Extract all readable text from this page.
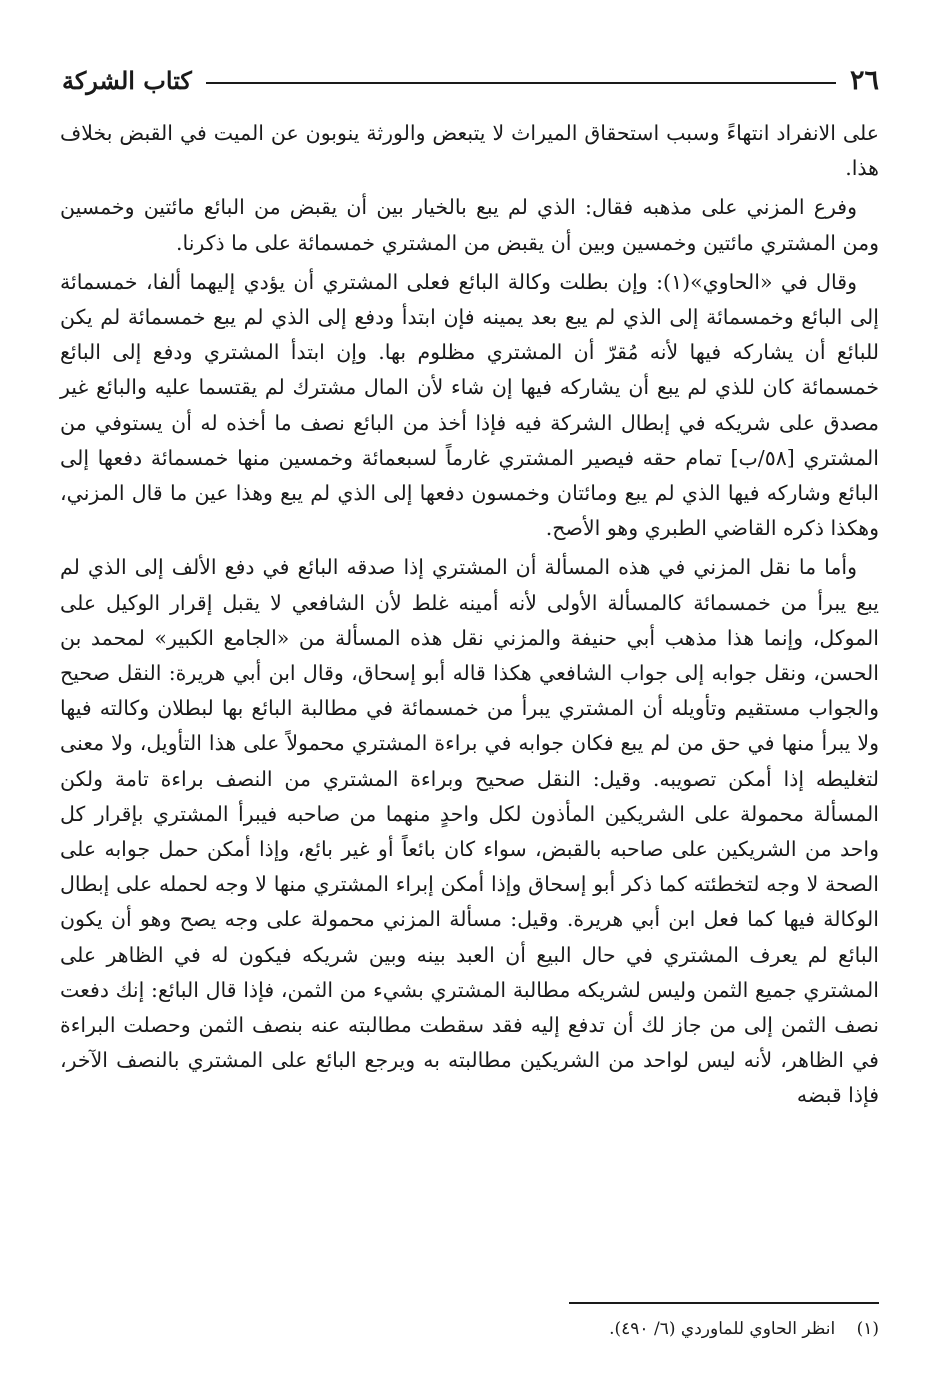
٢٦
كتاب الشركة

على الانفراد انتهاءً وسبب استحقاق الميراث لا يتبعض والورثة ينوبون عن الميت في القبض بخلاف هذا.

وفرع المزني على مذهبه فقال: الذي لم يبع بالخيار بين أن يقبض من البائع مائتين وخمسين ومن المشتري مائتين وخمسين وبين أن يقبض من المشتري خمسمائة على ما ذكرنا.

وقال في «الحاوي»(١): وإن بطلت وكالة البائع فعلى المشتري أن يؤدي إليهما ألفا، خمسمائة إلى البائع وخمسمائة إلى الذي لم يبع بعد يمينه فإن ابتدأ ودفع إلى الذي لم يبع خمسمائة لم يكن للبائع أن يشاركه فيها لأنه مُقرّ أن المشتري مظلوم بها. وإن ابتدأ المشتري ودفع إلى البائع خمسمائة كان للذي لم يبع أن يشاركه فيها إن شاء لأن المال مشترك لم يقتسما عليه والبائع غير مصدق على شريكه في إبطال الشركة فيه فإذا أخذ من البائع نصف ما أخذه له أن يستوفي من المشتري [٥٨/ب] تمام حقه فيصير المشتري غارماً لسبعمائة وخمسين منها خمسمائة دفعها إلى البائع وشاركه فيها الذي لم يبع ومائتان وخمسون دفعها إلى الذي لم يبع وهذا عين ما قال المزني، وهكذا ذكره القاضي الطبري وهو الأصح.

وأما ما نقل المزني في هذه المسألة أن المشتري إذا صدقه البائع في دفع الألف إلى الذي لم يبع يبرأ من خمسمائة كالمسألة الأولى لأنه أمينه غلط لأن الشافعي لا يقبل إقرار الوكيل على الموكل، وإنما هذا مذهب أبي حنيفة والمزني نقل هذه المسألة من «الجامع الكبير» لمحمد بن الحسن، ونقل جوابه إلى جواب الشافعي هكذا قاله أبو إسحاق، وقال ابن أبي هريرة: النقل صحيح والجواب مستقيم وتأويله أن المشتري يبرأ من خمسمائة في مطالبة البائع بها لبطلان وكالته فيها ولا يبرأ منها في حق من لم يبع فكان جوابه في براءة المشتري محمولاً على هذا التأويل، ولا معنى لتغليطه إذا أمكن تصويبه. وقيل: النقل صحيح وبراءة المشتري من النصف براءة تامة ولكن المسألة محمولة على الشريكين المأذون لكل واحدٍ منهما من صاحبه فيبرأ المشتري بإقرار كل واحد من الشريكين على صاحبه بالقبض، سواء كان بائعاً أو غير بائع، وإذا أمكن حمل جوابه على الصحة لا وجه لتخطئته كما ذكر أبو إسحاق وإذا أمكن إبراء المشتري منها لا وجه لحمله على إبطال الوكالة فيها كما فعل ابن أبي هريرة. وقيل: مسألة المزني محمولة على وجه يصح وهو أن يكون البائع لم يعرف المشتري في حال البيع أن العبد بينه وبين شريكه فيكون له في الظاهر على المشتري جميع الثمن وليس لشريكه مطالبة المشتري بشيء من الثمن، فإذا قال البائع: إنك دفعت نصف الثمن إلى من جاز لك أن تدفع إليه فقد سقطت مطالبته عنه بنصف الثمن وحصلت البراءة في الظاهر، لأنه ليس لواحد من الشريكين مطالبته به ويرجع البائع على المشتري بالنصف الآخر، فإذا قبضه

(١) انظر الحاوي للماوردي (٦/ ٤٩٠).
